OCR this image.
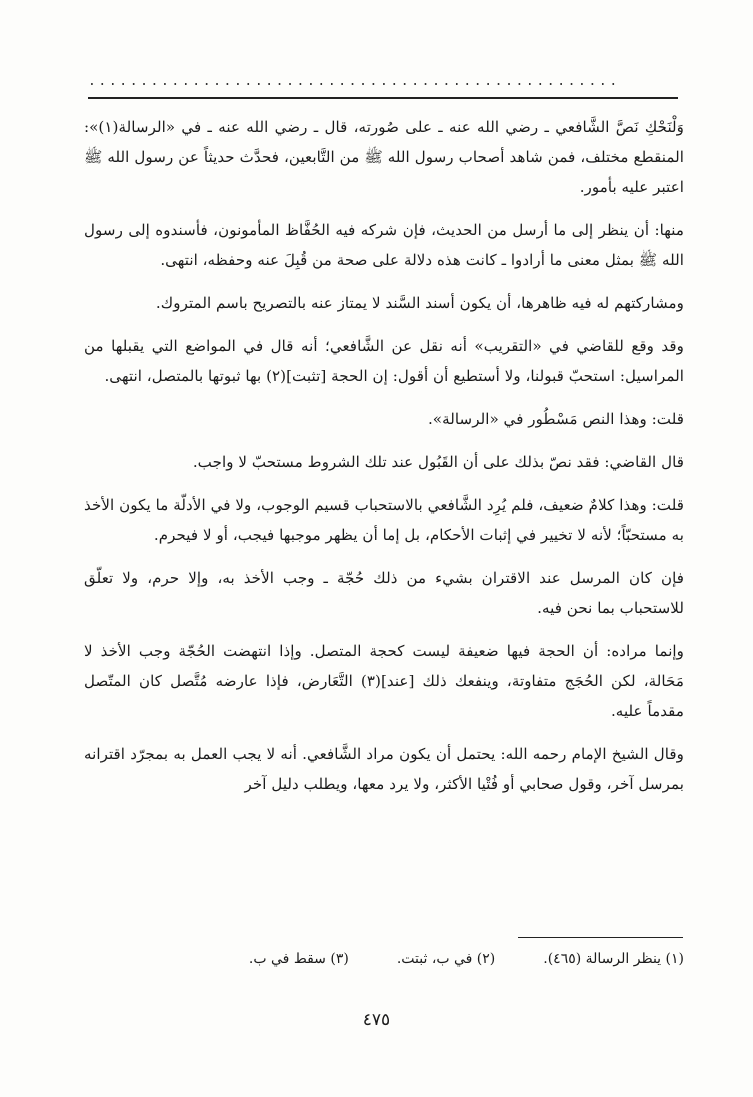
...................................................

وَلْنَحْكِ نَصَّ الشَّافعي ـ رضي الله عنه ـ على صُورته، قال ـ رضي الله عنه ـ في «الرسالة(١)»: المنقطع مختلف، فمن شاهد أصحاب رسول الله ﷺ من التَّابعين، فحدَّث حديثاً عن رسول الله ﷺ اعتبر عليه بأمور.

منها: أن ينظر إلى ما أرسل من الحديث، فإن شركه فيه الحُفَّاظ المأمونون، فأسندوه إلى رسول الله ﷺ بمثل معنى ما أرادوا ـ كانت هذه دلالة على صحة من قُبِلَ عنه وحفظه، انتهى.

ومشاركتهم له فيه ظاهرها، أن يكون أسند السَّند لا يمتاز عنه بالتصريح باسم المتروك.

وقد وقع للقاضي في «التقريب» أنه نقل عن الشَّافعي؛ أنه قال في المواضع التي يقبلها من المراسيل: استحبّ قبولنا، ولا أستطيع أن أقول: إن الحجة [تثبت](٢) بها ثبوتها بالمتصل، انتهى.

قلت: وهذا النص مَسْطُور في «الرسالة».

قال القاضي: فقد نصّ بذلك على أن القَبُول عند تلك الشروط مستحبّ لا واجب.

قلت: وهذا كلامٌ ضعيف، فلم يُرِد الشَّافعي بالاستحباب قسيم الوجوب، ولا في الأدلّة ما يكون الأخذ به مستحبّاً؛ لأنه لا تخيير في إثبات الأحكام، بل إما أن يظهر موجبها فيجب، أو لا فيحرم.

فإن كان المرسل عند الاقتران بشيء من ذلك حُجّة ـ وجب الأخذ به، وإلا حرم، ولا تعلّق للاستحباب بما نحن فيه.

وإنما مراده: أن الحجة فيها ضعيفة ليست كحجة المتصل. وإذا انتهضت الحُجّة وجب الأخذ لا مَحَالة، لكن الحُجَج متفاوتة، وينفعك ذلك [عند](٣) التَّعَارض، فإذا عارضه مُتَّصل كان المتّصل مقدماً عليه.

وقال الشيخ الإمام رحمه الله: يحتمل أن يكون مراد الشَّافعي. أنه لا يجب العمل به بمجرّد اقترانه بمرسل آخر، وقول صحابي أو فُتْيا الأكثر، ولا يرد معها، ويطلب دليل آخر

(١) ينظر الرسالة (٤٦٥).
(٢) في ب، ثبتت.
(٣) سقط في ب.
٤٧٥
